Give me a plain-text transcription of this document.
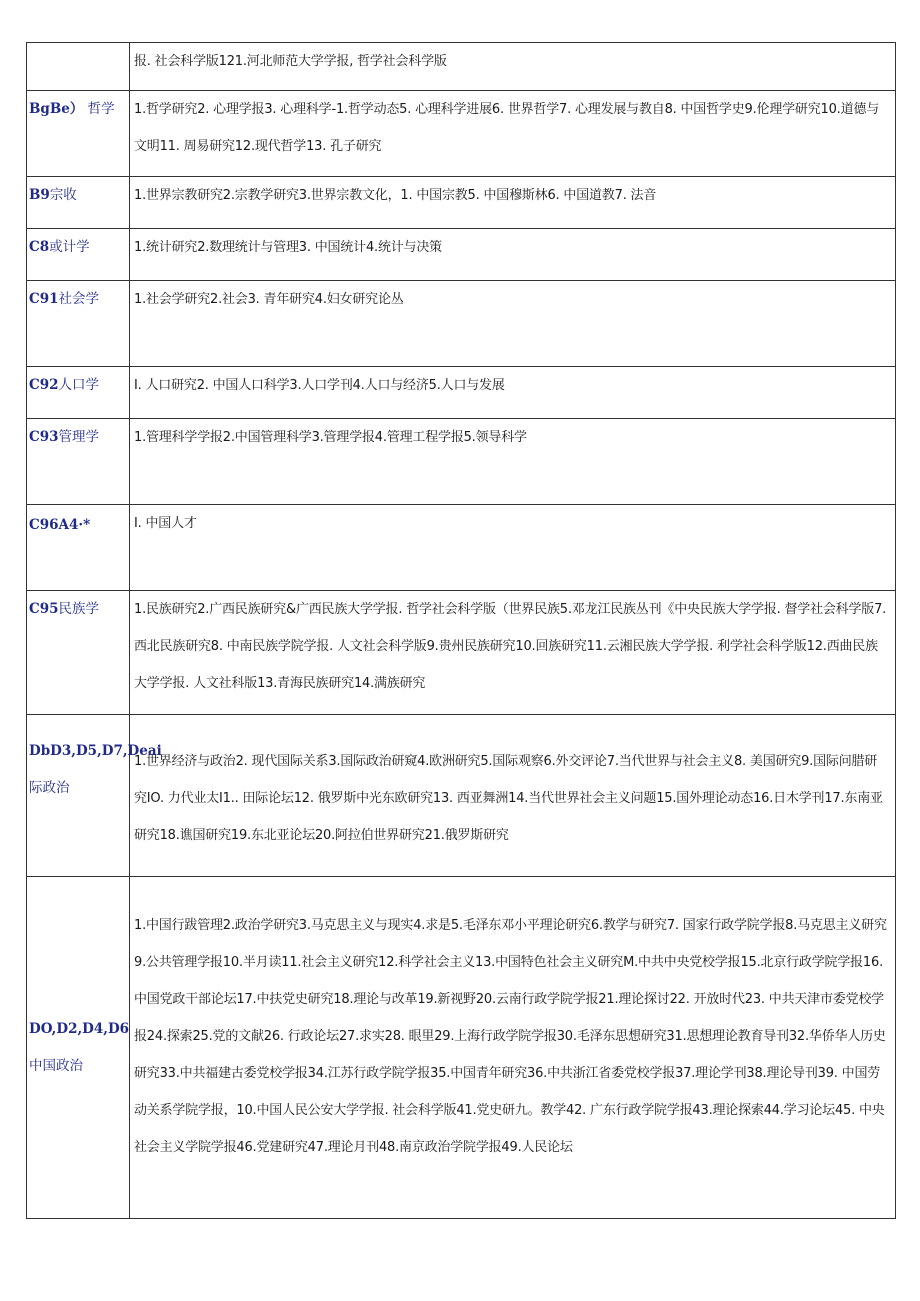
	报. 社会科学版121.河北师范大学学报, 哲学社会科学版

BgBe） 哲学	1.哲学研究2. 心理学报3. 心理科学-1.哲学动态5. 心理科学进展6. 世界哲学7. 心理发展与教自8. 中国哲学史9.伦理学研究10.道德与文明11. 周易研究12.现代哲学13. 孔子研究

B9宗收	1.世界宗教研究2.宗教学研究3.世界宗教文化，1. 中国宗教5. 中国穆斯林6. 中国道教7. 法音

C8或计学	1.统计研究2.数理统计与管理3. 中国统计4.统计与决策

C91社会学	1.社会学研究2.社会3. 青年研究4.妇女研究论丛

C92人口学	I. 人口研究2. 中国人口科学3.人口学刊4.人口与经济5.人口与发展

C93管理学	1.管理科学学报2.中国管理科学3.管理学报4.管理工程学报5.领导科学

C96A4·*	I. 中国人才

C95民族学	1.民族研究2.广西民族研究&广西民族大学学报. 哲学社会科学版（世界民族5.邓龙江民族丛刊《中央民族大学学报. 督学社会科学版7.西北民族研究8. 中南民族学院学报. 人文社会科学版9.贵州民族研究10.回族研究11.云湘民族大学学报. 利学社会科学版12.西曲民族大学学报. 人文社科版13.青海民族研究14.满族研究

DbD3,D5,D7,Deai际政治	1.世界经济与政治2. 现代国际关系3.国际政治研窥4.欧洲研究5.国际观察6.外交评论7.当代世界与社会主义8. 美国研究9.国际问腊研究IO. 力代业太I1.. 田际论坛12. 俄罗斯中光东欧研究13. 西亚舞洲14.当代世界社会主义问题15.国外理论动态16.日木学刊17.东南亚研究18.谯国研究19.东北亚论坛20.阿拉伯世界研究21.俄罗斯研究

DO,D2,D4,D6中国政治	1.中国行跋管理2.政治学研究3.马克思主义与现实4.求是5.毛泽东邓小平理论研究6.教学与研究7. 国家行政学院学报8.马克思主义研究9.公共管理学报10.半月读11.社会主义研究12.科学社会主义13.中国特色社会主义研究M.中共中央党校学报15.北京行政学院学报16. 中国党政干部论坛17.中扶党史研究18.理论与改革19.新视野20.云南行政学院学报21.理论探讨22. 开放时代23. 中共天津市委党校学报24.探索25.党的文献26. 行政论坛27.求实28. 眼里29.上海行政学院学报30.毛泽东思想研究31.思想理论教育导刊32.华侨华人历史研究33.中共福建古委党校学报34.江苏行政学院学报35.中国青年研究36.中共浙江省委党校学报37.理论学刊38.理论导刊39. 中国劳动关系学院学报，10.中国人民公安大学学报. 社会科学版41.党史研九。教学42. 广东行政学院学报43.理论探索44.学习论坛45. 中央社会主义学院学报46.党建研究47.理论月刊48.南京政治学院学报49.人民论坛
